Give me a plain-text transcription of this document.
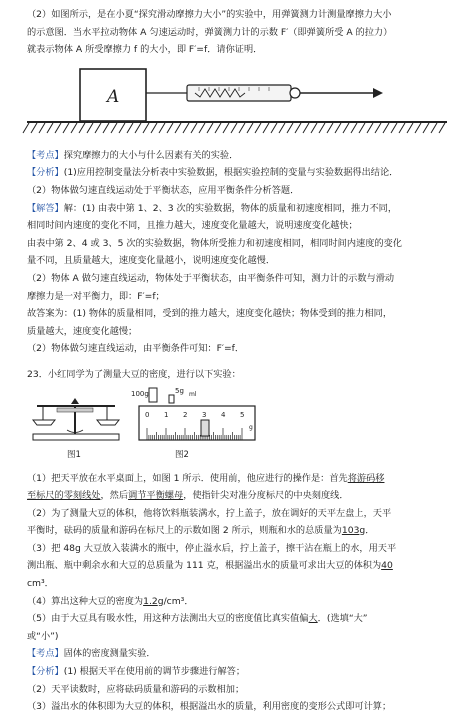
（2）如图所示，是在小夏“探究滑动摩擦力大小”的实验中，用弹簧测力计测量摩擦力大小
的示意图．当水平拉动物体 A 匀速运动时，弹簧测力计的示数 F′（即弹簧所受 A 的拉力）
就表示物体 A 所受摩擦力 f 的大小，即 F′=f．请你证明．
A
【考点】探究摩擦力的大小与什么因素有关的实验．
【分析】(1)应用控制变量法分析表中实验数据，根据实验控制的变量与实验数据得出结论．
（2）物体做匀速直线运动处于平衡状态，应用平衡条件分析答题．
【解答】解：(1) 由表中第 1、2、3 次的实验数据，物体的质量和初速度相同，推力不同，
相同时间内速度的变化不同，且推力越大，速度变化量越大，说明速度变化越快；
由表中第 2、4 或 3、5 次的实验数据，物体所受推力和初速度相同，相同时间内速度的变化
量不同，且质量越大，速度变化量越小，说明速度变化越慢．
（2）物体 A 做匀速直线运动，物体处于平衡状态，由平衡条件可知，测力计的示数与滑动
摩擦力是一对平衡力，即：F′=f；
故答案为：(1) 物体的质量相同，受到的推力越大，速度变化越快；物体受到的推力相同，
质量越大，速度变化越慢；
（2）物体做匀速直线运动，由平衡条件可知：F′=f．
23．小红同学为了测量大豆的密度，进行以下实验：
图1
100g	5g ml
0 1 2 3 4 5
g
图2
（1）把天平放在水平桌面上，如图 1 所示．使用前，他应进行的操作是：首先将游码移
至标尺的零刻线处，然后调节平衡螺母，使指针尖对准分度标尺的中央刻度线．
（2）为了测量大豆的体积，他将饮料瓶装满水，拧上盖子，放在调好的天平左盘上，天平
平衡时，砝码的质量和游码在标尺上的示数如图 2 所示，则瓶和水的总质量为103g．
（3）把 48g 大豆放入装满水的瓶中，停止溢水后，拧上盖子，擦干沾在瓶上的水，用天平
测出瓶、瓶中剩余水和大豆的总质量为 111 克，根据溢出水的质量可求出大豆的体积为40
cm³．
（4）算出这种大豆的密度为1.2g/cm³．
（5）由于大豆具有吸水性，用这种方法测出大豆的密度值比真实值偏大．(选填“大”
或“小”)
【考点】固体的密度测量实验．
【分析】(1) 根据天平在使用前的调节步骤进行解答；
（2）天平读数时，应将砝码质量和游码的示数相加；
（3）溢出水的体积即为大豆的体积，根据溢出水的质量，利用密度的变形公式即可计算；
